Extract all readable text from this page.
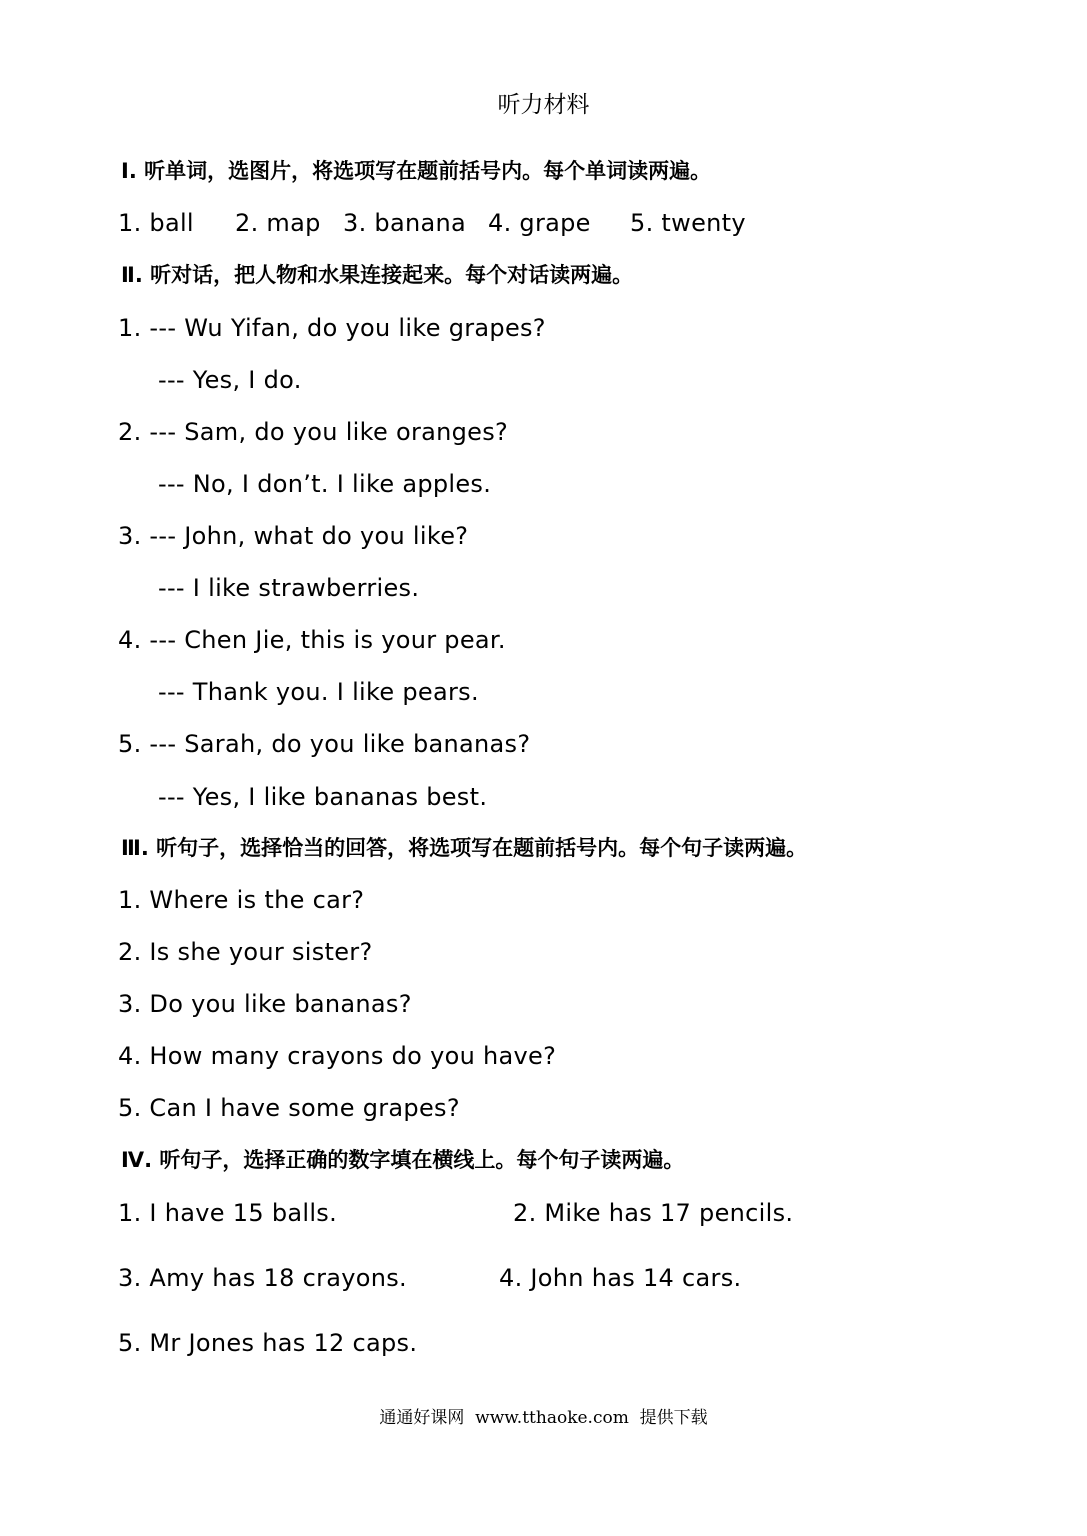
听力材料
Ⅰ. 听单词，选图片，将选项写在题前括号内。每个单词读两遍。
1. ball 2. map 3. banana 4. grape 5. twenty
Ⅱ. 听对话，把人物和水果连接起来。每个对话读两遍。
1. --- Wu Yifan, do you like grapes?
--- Yes, I do.
2. --- Sam, do you like oranges?
--- No, I don’t. I like apples.
3. --- John, what do you like?
--- I like strawberries.
4. --- Chen Jie, this is your pear.
--- Thank you. I like pears.
5. --- Sarah, do you like bananas?
--- Yes, I like bananas best.
Ⅲ. 听句子，选择恰当的回答，将选项写在题前括号内。每个句子读两遍。
1. Where is the car?
2. Is she your sister?
3. Do you like bananas?
4. How many crayons do you have?
5. Can I have some grapes?
Ⅳ. 听句子，选择正确的数字填在横线上。每个句子读两遍。
1. I have 15 balls.	2. Mike has 17 pencils.
3. Amy has 18 crayons.	4. John has 14 cars.
5. Mr Jones has 12 caps.
通通好课网  www.tthaoke.com  提供下载
